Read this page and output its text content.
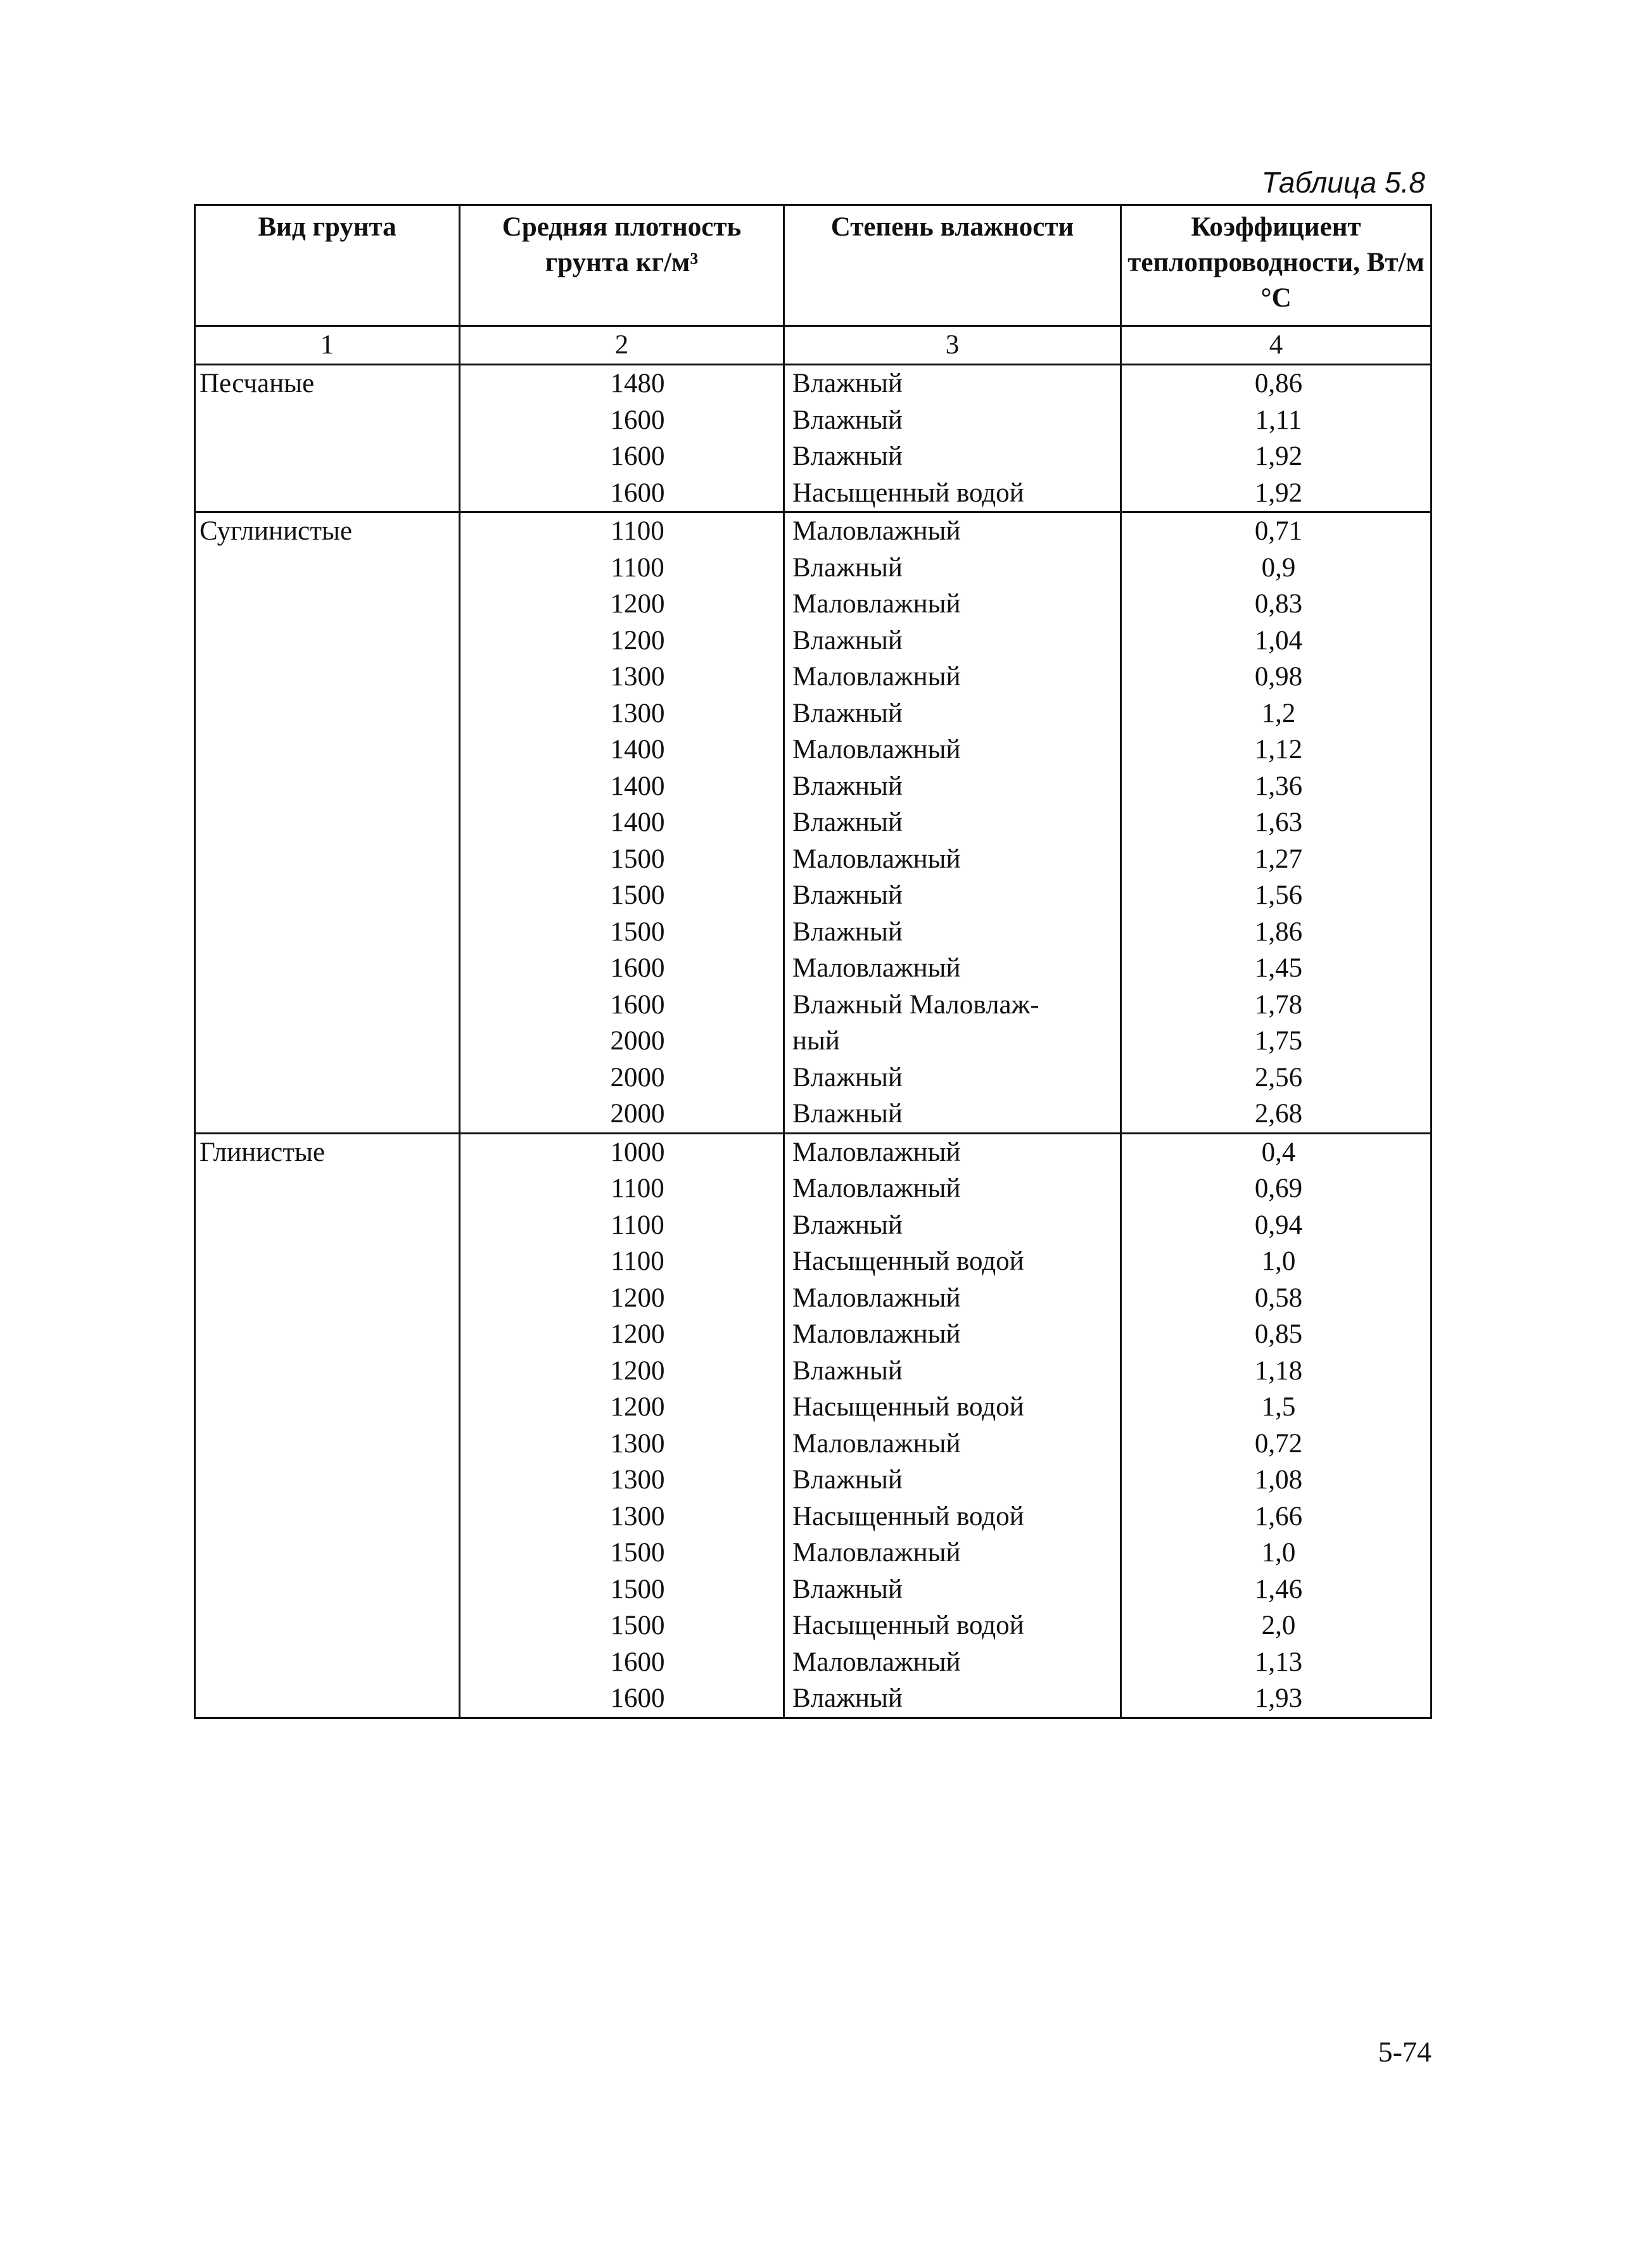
Таблица 5.8
Вид грунта	Средняя плотность грунта кг/м³	Степень влажности	Коэффициент теплопроводности, Вт/м °С
1	2	3	4
Песчаные	1480	Влажный	0,86
	1600	Влажный	1,11
	1600	Влажный	1,92
	1600	Насыщенный водой	1,92
Суглинистые	1100	Маловлажный	0,71
	1100	Влажный	0,9
	1200	Маловлажный	0,83
	1200	Влажный	1,04
	1300	Маловлажный	0,98
	1300	Влажный	1,2
	1400	Маловлажный	1,12
	1400	Влажный	1,36
	1400	Влажный	1,63
	1500	Маловлажный	1,27
	1500	Влажный	1,56
	1500	Влажный	1,86
	1600	Маловлажный	1,45
	1600	Влажный Маловлаж-	1,78
	2000	ный	1,75
	2000	Влажный	2,56
	2000	Влажный	2,68
Глинистые	1000	Маловлажный	0,4
	1100	Маловлажный	0,69
	1100	Влажный	0,94
	1100	Насыщенный водой	1,0
	1200	Маловлажный	0,58
	1200	Маловлажный	0,85
	1200	Влажный	1,18
	1200	Насыщенный водой	1,5
	1300	Маловлажный	0,72
	1300	Влажный	1,08
	1300	Насыщенный водой	1,66
	1500	Маловлажный	1,0
	1500	Влажный	1,46
	1500	Насыщенный водой	2,0
	1600	Маловлажный	1,13
	1600	Влажный	1,93
5-74
